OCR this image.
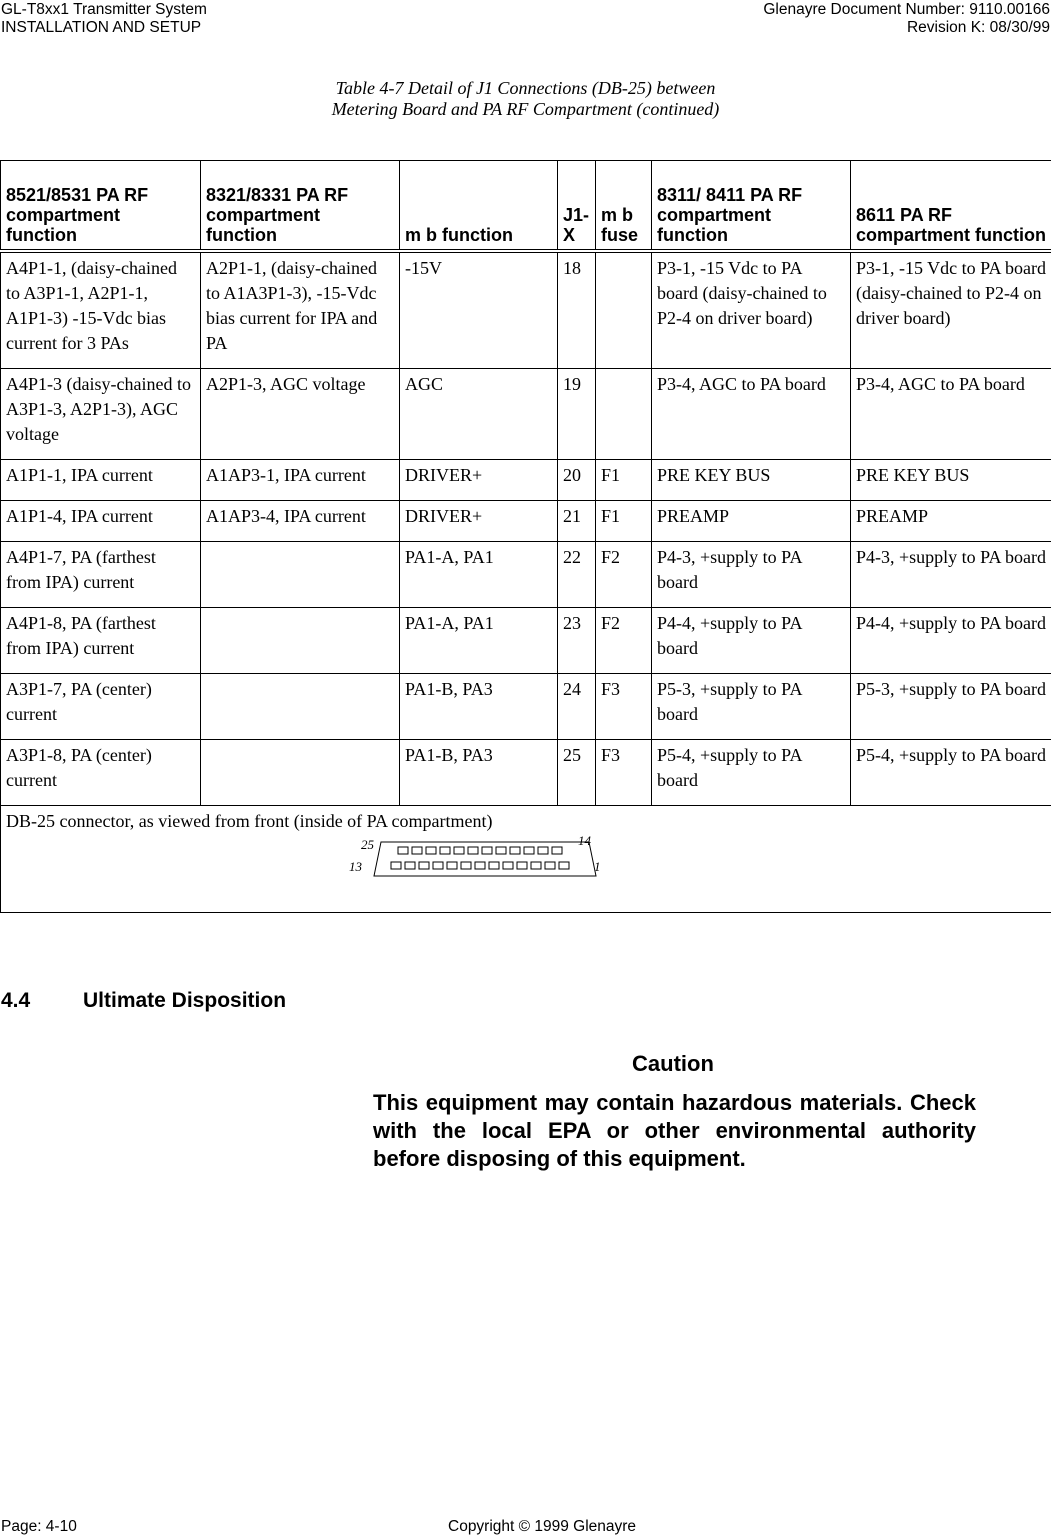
GL-T8xx1 Transmitter System
INSTALLATION AND SETUP
Glenayre Document Number: 9110.00166
Revision K: 08/30/99
Table 4-7 Detail of J1 Connections (DB-25) between
Metering Board and PA RF Compartment (continued)
8521/8531 PA RF compartment function	8321/8331 PA RF compartment function	m b function	J1-X	m b fuse	8311/ 8411 PA RF compartment function	8611 PA RF compartment function
A4P1-1, (daisy-chained to A3P1-1, A2P1-1, A1P1-3) -15-Vdc bias current for 3 PAs	A2P1-1, (daisy-chained to A1A3P1-3), -15-Vdc bias current for IPA and PA	-15V	18		P3-1, -15 Vdc to PA board (daisy-chained to P2-4 on driver board)	P3-1, -15 Vdc to PA board (daisy-chained to P2-4 on driver board)
A4P1-3 (daisy-chained to A3P1-3, A2P1-3), AGC voltage	A2P1-3, AGC voltage	AGC	19		P3-4, AGC to PA board	P3-4, AGC to PA board
A1P1-1, IPA current	A1AP3-1, IPA current	DRIVER+	20	F1	PRE KEY BUS	PRE KEY BUS
A1P1-4, IPA current	A1AP3-4, IPA current	DRIVER+	21	F1	PREAMP	PREAMP
A4P1-7, PA (farthest from IPA) current		PA1-A, PA1	22	F2	P4-3, +supply to PA board	P4-3, +supply to PA board
A4P1-8, PA (farthest from IPA) current		PA1-A, PA1	23	F2	P4-4, +supply to PA board	P4-4, +supply to PA board
A3P1-7, PA (center) current		PA1-B, PA3	24	F3	P5-3, +supply to PA board	P5-3, +supply to PA board
A3P1-8, PA (center) current		PA1-B, PA3	25	F3	P5-4, +supply to PA board	P5-4, +supply to PA board

DB-25 connector, as viewed from front (inside of PA compartment)
25
13
14
1						
4.4	Ultimate Disposition
Caution
This equipment may contain hazardous materials. Check with the local EPA or other environmental authority before disposing of this equipment.
Page: 4-10	Copyright © 1999 Glenayre
